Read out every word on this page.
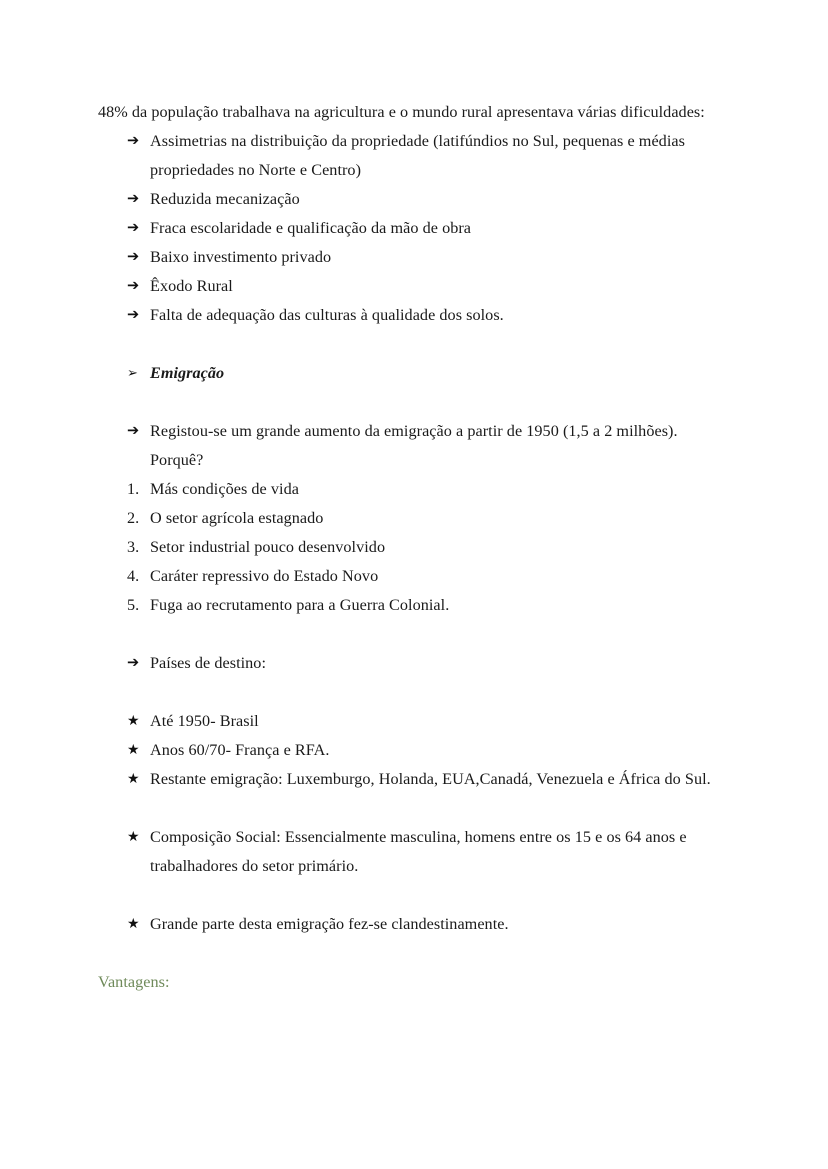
48% da população trabalhava na agricultura e o mundo rural apresentava várias dificuldades:

➔ Assimetrias na distribuição da propriedade (latifúndios no Sul, pequenas e médias propriedades no Norte e Centro)
➔ Reduzida mecanização
➔ Fraca escolaridade e qualificação da mão de obra
➔ Baixo investimento privado
➔ Êxodo Rural
➔ Falta de adequação das culturas à qualidade dos solos.
➢ Emigração
➔ Registou-se um grande aumento da emigração a partir de 1950 (1,5 a 2 milhões). Porquê?
1. Más condições de vida
2. O setor agrícola estagnado
3. Setor industrial pouco desenvolvido
4. Caráter repressivo do Estado Novo
5. Fuga ao recrutamento para a Guerra Colonial.
➔ Países de destino:
★ Até 1950- Brasil
★ Anos 60/70- França e RFA.
★ Restante emigração: Luxemburgo, Holanda, EUA,Canadá, Venezuela e África do Sul.
★ Composição Social: Essencialmente masculina, homens entre os 15 e os 64 anos e trabalhadores do setor primário.
★ Grande parte desta emigração fez-se clandestinamente.

Vantagens:
